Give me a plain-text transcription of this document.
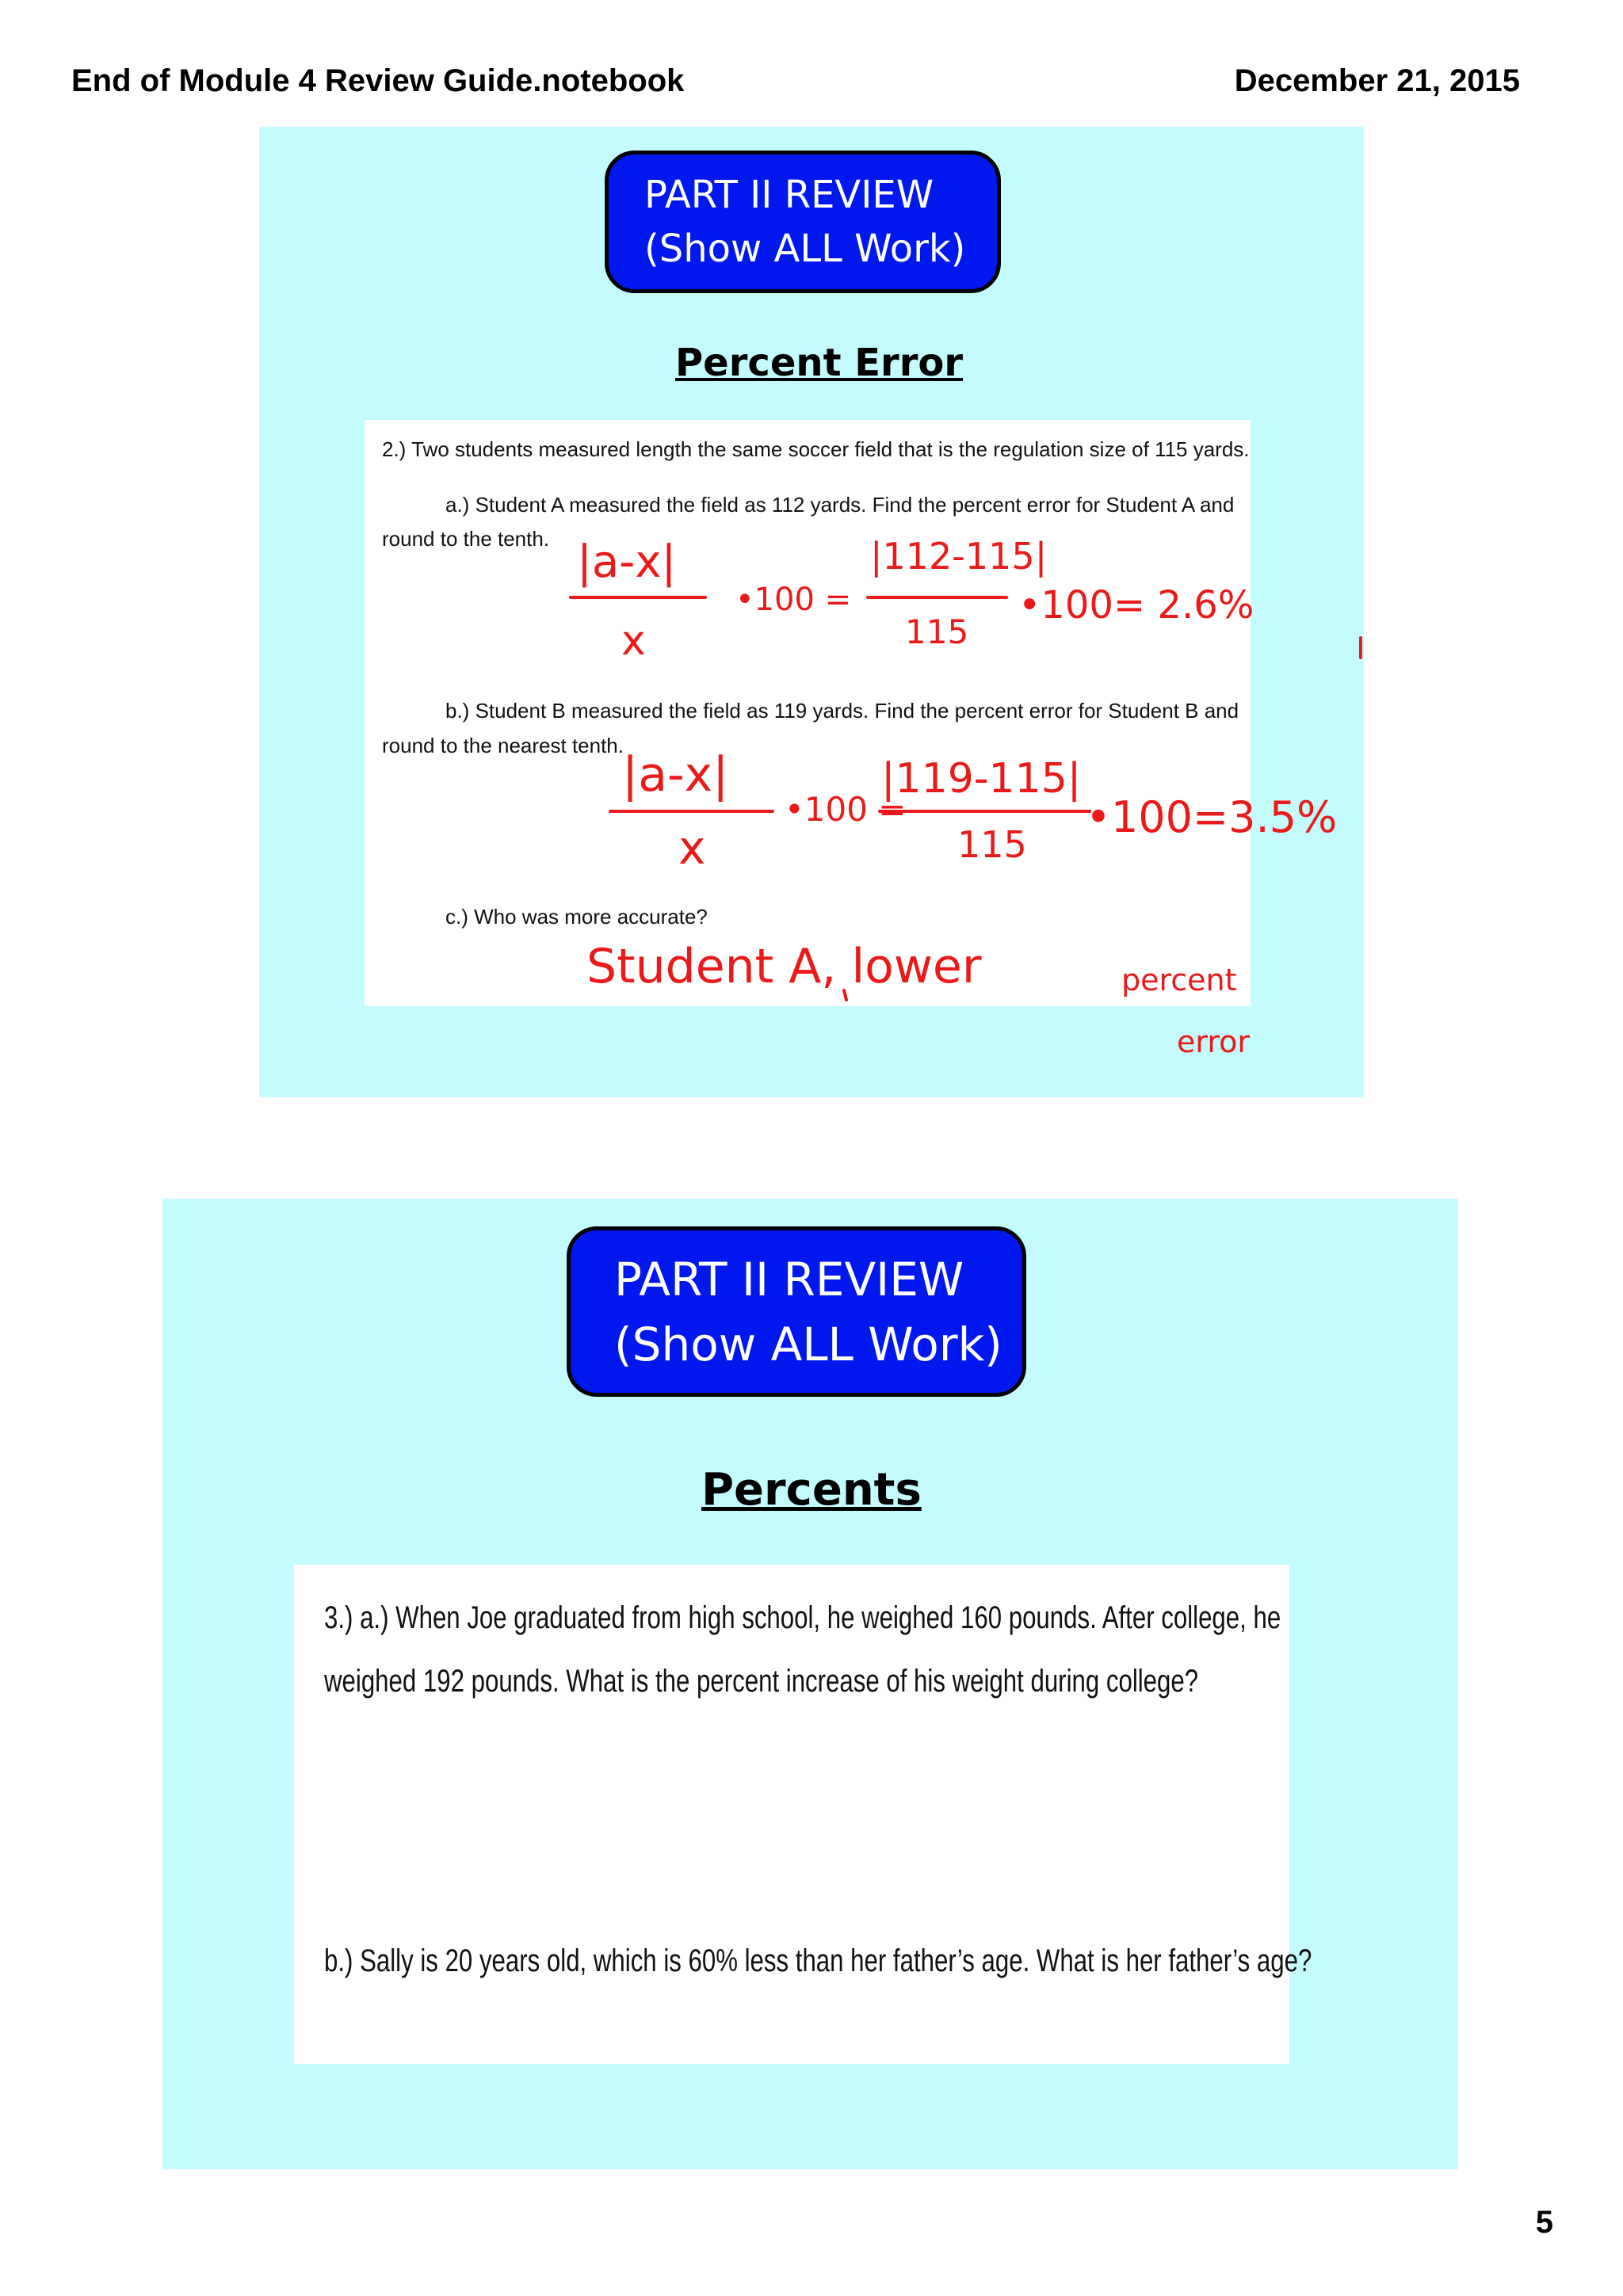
End of Module 4 Review Guide.notebook	December 21, 2015
PART II REVIEW
(Show ALL Work)
Percent Error
2.) Two students measured length the same soccer field that is the regulation size of 115 yards.
a.) Student A measured the field as 112 yards. Find the percent error for Student A and
round to the tenth.
b.) Student B measured the field as 119 yards. Find the percent error for Student B and
round to the nearest tenth.
c.) Who was more accurate?
PART II REVIEW
(Show ALL Work)
Percents
3.) a.) When Joe graduated from high school, he weighed 160 pounds. After college, he
weighed 192 pounds. What is the percent increase of his weight during college?
b.) Sally is 20 years old, which is 60% less than her father’s age. What is her father’s age?
|a-x|
x
•100 =
|112-115|
115
•100= 2.6%
|a-x|
x
•100 =
|119-115|
115
•100=3.5%
Student A, lower	percent
error
5
